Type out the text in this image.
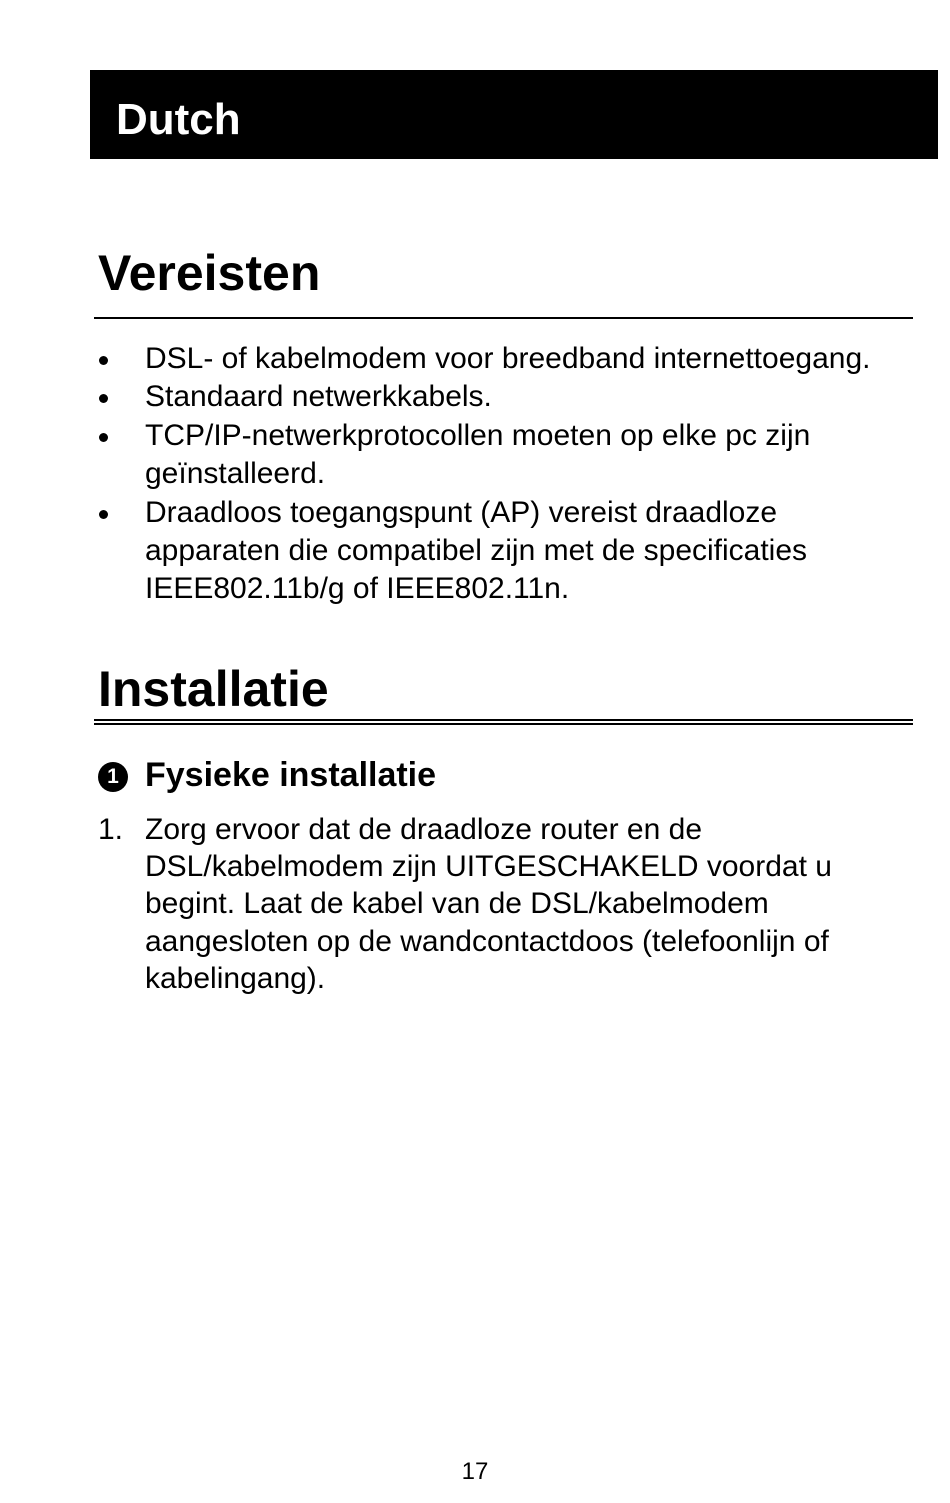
Dutch
Vereisten
DSL- of kabelmodem voor breedband internettoegang.
Standaard netwerkkabels.
TCP/IP-netwerkprotocollen moeten op elke pc zijn geïnstalleerd.
Draadloos toegangspunt (AP) vereist draadloze apparaten die compatibel zijn met de specificaties IEEE802.11b/g of IEEE802.11n.
Installatie
1 Fysieke installatie
1. Zorg ervoor dat de draadloze router en de DSL/kabelmodem zijn UITGESCHAKELD voordat u begint. Laat de kabel van de DSL/kabelmodem aangesloten op de wandcontactdoos (telefoonlijn of kabelingang).
17
